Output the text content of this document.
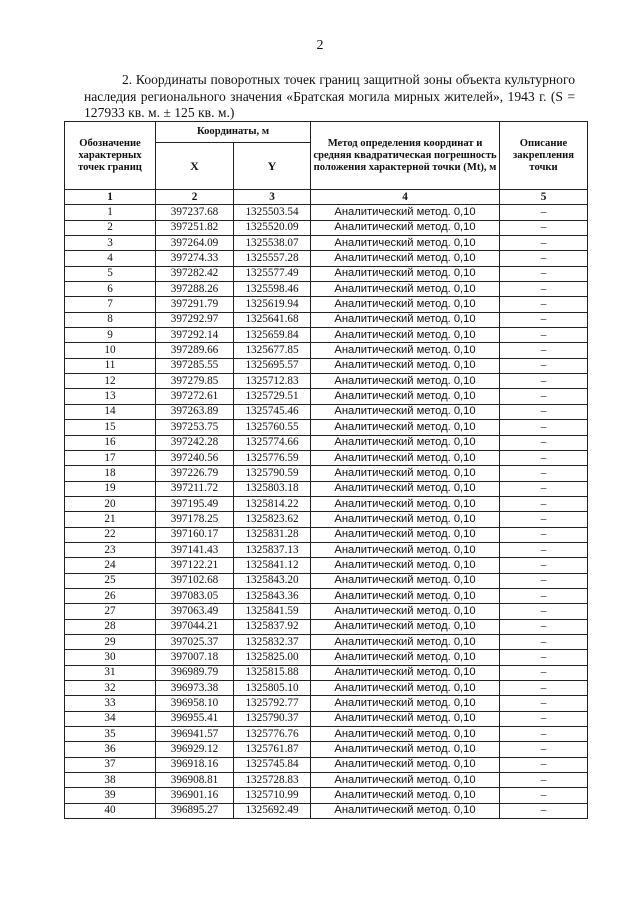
2
2. Координаты поворотных точек границ защитной зоны объекта культурного наследия регионального значения «Братская могила мирных жителей», 1943 г. (S = 127933 кв. м. ± 125 кв. м.)
Обозначение характерных точек границ	Координаты, м		Метод определения координат и средняя квадратическая погрешность положения характерной точки (Mt), м	Описание закрепления точки
	X	Y		
1	2	3	4	5
1	397237.68	1325503.54	Аналитический метод. 0,10	–
2	397251.82	1325520.09	Аналитический метод. 0,10	–
3	397264.09	1325538.07	Аналитический метод. 0,10	–
4	397274.33	1325557.28	Аналитический метод. 0,10	–
5	397282.42	1325577.49	Аналитический метод. 0,10	–
6	397288.26	1325598.46	Аналитический метод. 0,10	–
7	397291.79	1325619.94	Аналитический метод. 0,10	–
8	397292.97	1325641.68	Аналитический метод. 0,10	–
9	397292.14	1325659.84	Аналитический метод. 0,10	–
10	397289.66	1325677.85	Аналитический метод. 0,10	–
11	397285.55	1325695.57	Аналитический метод. 0,10	–
12	397279.85	1325712.83	Аналитический метод. 0,10	–
13	397272.61	1325729.51	Аналитический метод. 0,10	–
14	397263.89	1325745.46	Аналитический метод. 0,10	–
15	397253.75	1325760.55	Аналитический метод. 0,10	–
16	397242.28	1325774.66	Аналитический метод. 0,10	–
17	397240.56	1325776.59	Аналитический метод. 0,10	–
18	397226.79	1325790.59	Аналитический метод. 0,10	–
19	397211.72	1325803.18	Аналитический метод. 0,10	–
20	397195.49	1325814.22	Аналитический метод. 0,10	–
21	397178.25	1325823.62	Аналитический метод. 0,10	–
22	397160.17	1325831.28	Аналитический метод. 0,10	–
23	397141.43	1325837.13	Аналитический метод. 0,10	–
24	397122.21	1325841.12	Аналитический метод. 0,10	–
25	397102.68	1325843.20	Аналитический метод. 0,10	–
26	397083.05	1325843.36	Аналитический метод. 0,10	–
27	397063.49	1325841.59	Аналитический метод. 0,10	–
28	397044.21	1325837.92	Аналитический метод. 0,10	–
29	397025.37	1325832.37	Аналитический метод. 0,10	–
30	397007.18	1325825.00	Аналитический метод. 0,10	–
31	396989.79	1325815.88	Аналитический метод. 0,10	–
32	396973.38	1325805.10	Аналитический метод. 0,10	–
33	396958.10	1325792.77	Аналитический метод. 0,10	–
34	396955.41	1325790.37	Аналитический метод. 0,10	–
35	396941.57	1325776.76	Аналитический метод. 0,10	–
36	396929.12	1325761.87	Аналитический метод. 0,10	–
37	396918.16	1325745.84	Аналитический метод. 0,10	–
38	396908.81	1325728.83	Аналитический метод. 0,10	–
39	396901.16	1325710.99	Аналитический метод. 0,10	–
40	396895.27	1325692.49	Аналитический метод. 0,10	–
